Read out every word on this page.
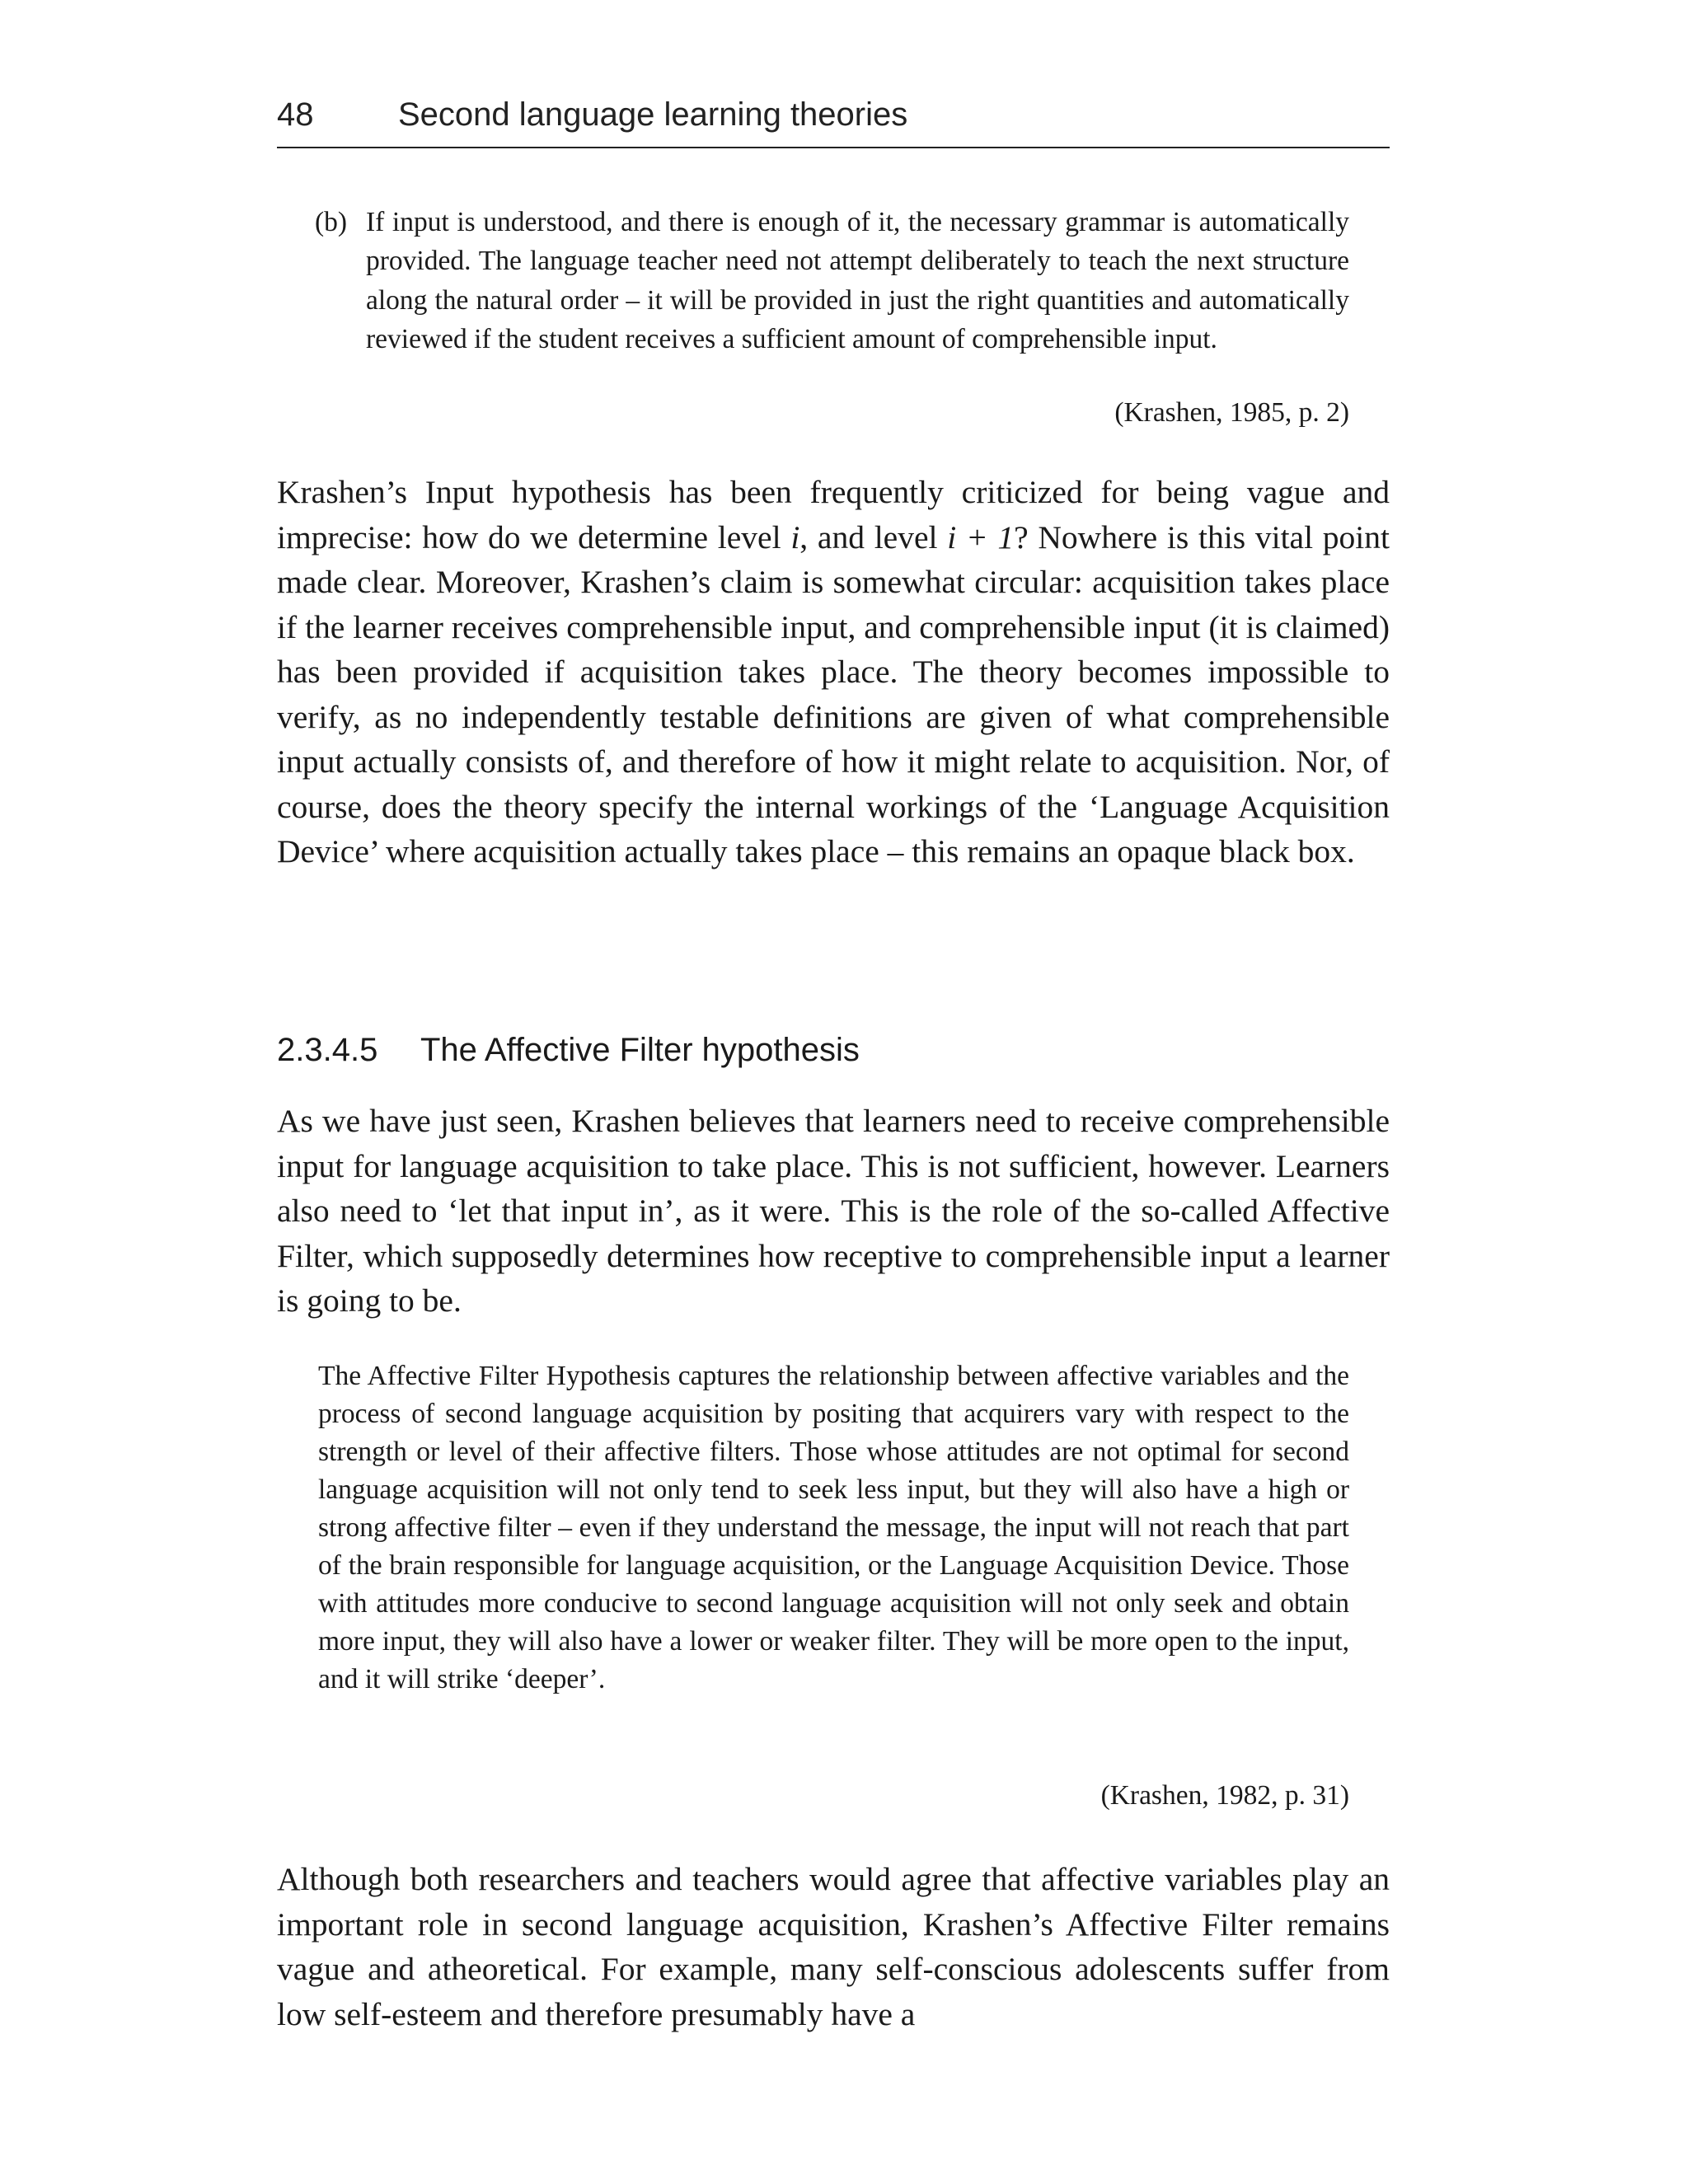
48	Second language learning theories

(b) If input is understood, and there is enough of it, the necessary grammar is automatically provided. The language teacher need not attempt deliberately to teach the next structure along the natural order – it will be provided in just the right quantities and automatically reviewed if the student receives a sufficient amount of comprehensible input.

(Krashen, 1985, p. 2)

Krashen’s Input hypothesis has been frequently criticized for being vague and imprecise: how do we determine level i, and level i + 1? Nowhere is this vital point made clear. Moreover, Krashen’s claim is somewhat circular: acquisition takes place if the learner receives comprehensible input, and comprehensible input (it is claimed) has been provided if acquisition takes place. The theory becomes impossible to verify, as no independently testable definitions are given of what comprehensible input actually consists of, and therefore of how it might relate to acquisition. Nor, of course, does the theory specify the internal workings of the ‘Language Acquisition Device’ where acquisition actually takes place – this remains an opaque black box.

2.3.4.5 The Affective Filter hypothesis

As we have just seen, Krashen believes that learners need to receive comprehensible input for language acquisition to take place. This is not sufficient, however. Learners also need to ‘let that input in’, as it were. This is the role of the so-called Affective Filter, which supposedly determines how receptive to comprehensible input a learner is going to be.

The Affective Filter Hypothesis captures the relationship between affective variables and the process of second language acquisition by positing that acquirers vary with respect to the strength or level of their affective filters. Those whose attitudes are not optimal for second language acquisition will not only tend to seek less input, but they will also have a high or strong affective filter – even if they understand the message, the input will not reach that part of the brain responsible for language acquisition, or the Language Acquisition Device. Those with attitudes more conducive to second language acquisition will not only seek and obtain more input, they will also have a lower or weaker filter. They will be more open to the input, and it will strike ‘deeper’.

(Krashen, 1982, p. 31)

Although both researchers and teachers would agree that affective variables play an important role in second language acquisition, Krashen’s Affective Filter remains vague and atheoretical. For example, many self-conscious adolescents suffer from low self-esteem and therefore presumably have a
